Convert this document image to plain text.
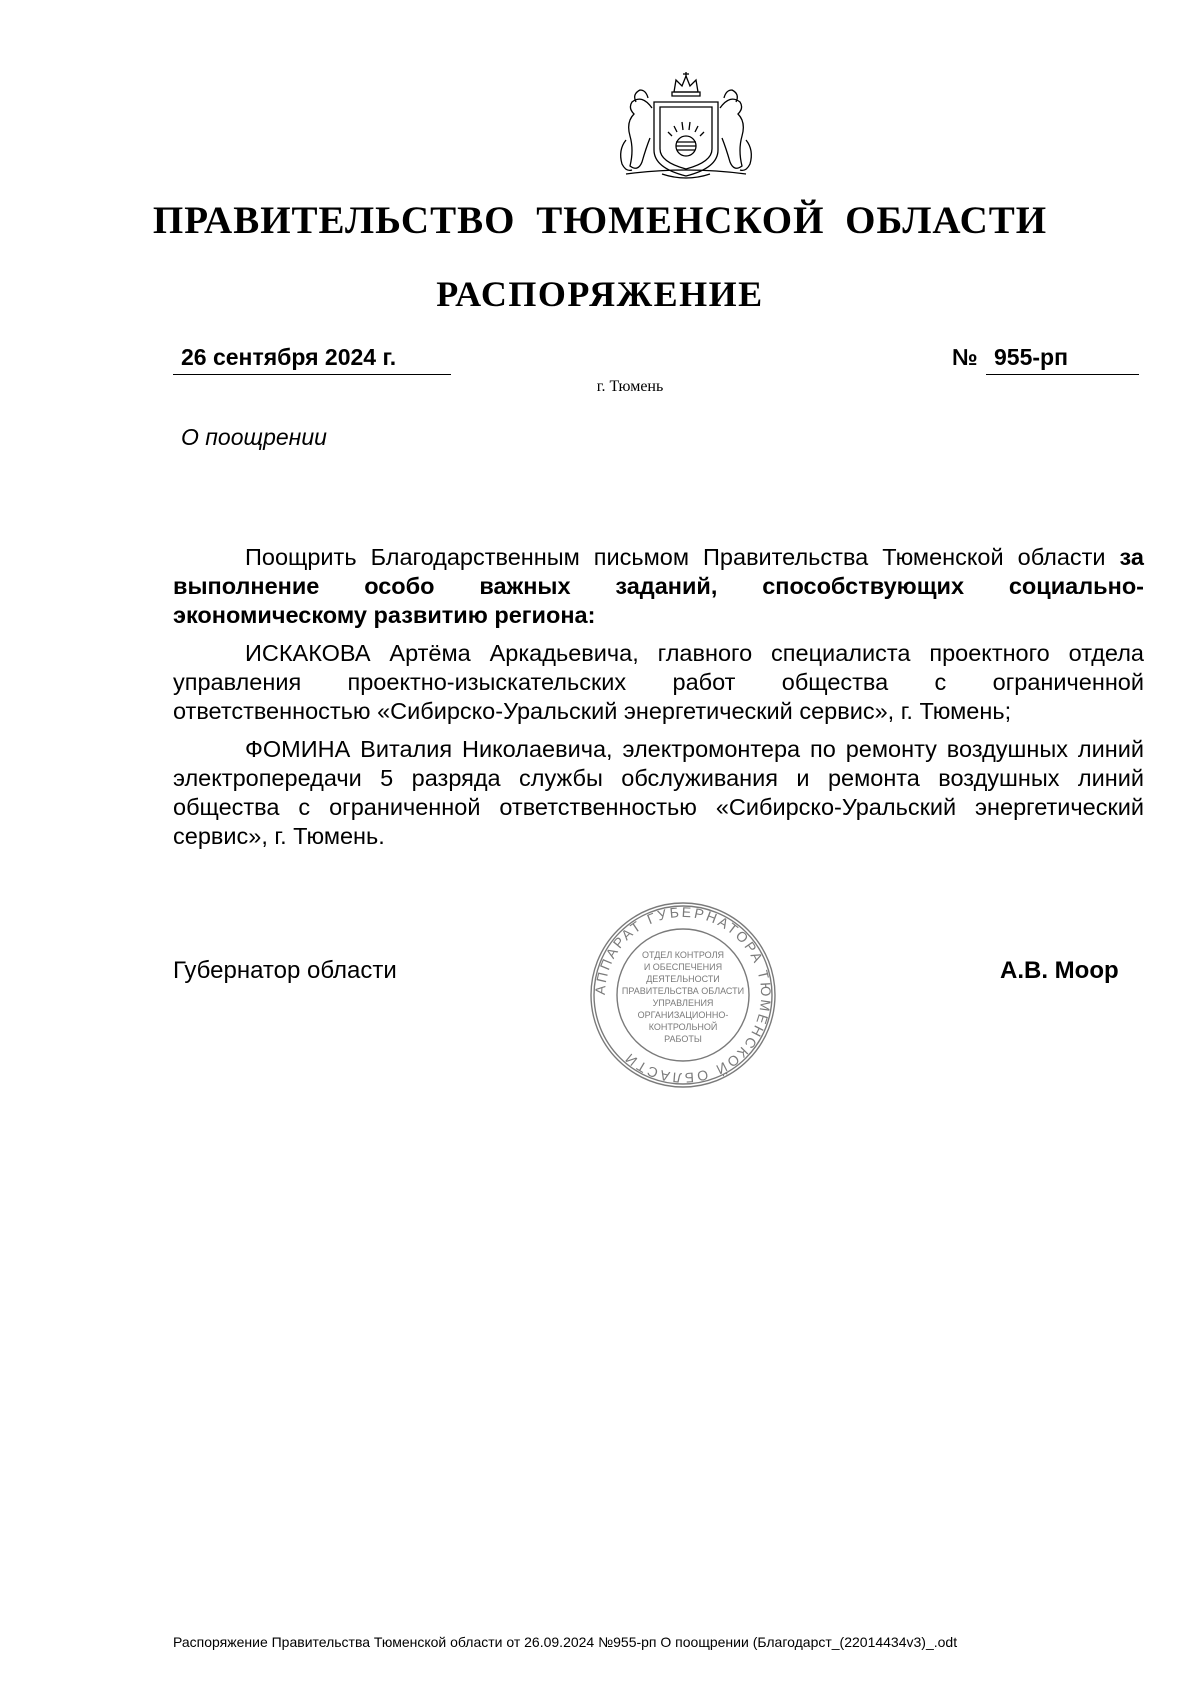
ПРАВИТЕЛЬСТВО ТЮМЕНСКОЙ ОБЛАСТИ
РАСПОРЯЖЕНИЕ
26 сентября 2024 г.	№ 955-рп
г. Тюмень
О поощрении

Поощрить Благодарственным письмом Правительства Тюменской области за выполнение особо важных заданий, способствующих социально-экономическому развитию региона:

ИСКАКОВА Артёма Аркадьевича, главного специалиста проектного отдела управления проектно-изыскательских работ общества с ограниченной ответственностью «Сибирско-Уральский энергетический сервис», г. Тюмень;

ФОМИНА Виталия Николаевича, электромонтера по ремонту воздушных линий электропередачи 5 разряда службы обслуживания и ремонта воздушных линий общества с ограниченной ответственностью «Сибирско-Уральский энергетический сервис», г. Тюмень.

Губернатор области
АППАРАТ ГУБЕРНАТОРА ТЮМЕНСКОЙ ОБЛАСТИ
ОТДЕЛ КОНТРОЛЯ
И ОБЕСПЕЧЕНИЯ
ДЕЯТЕЛЬНОСТИ
ПРАВИТЕЛЬСТВА ОБЛАСТИ
УПРАВЛЕНИЯ
ОРГАНИЗАЦИОННО-
КОНТРОЛЬНОЙ
РАБОТЫ
А.В. Моор
Распоряжение Правительства Тюменской области от 26.09.2024 №955-рп О поощрении (Благодарст_(22014434v3)_.odt
